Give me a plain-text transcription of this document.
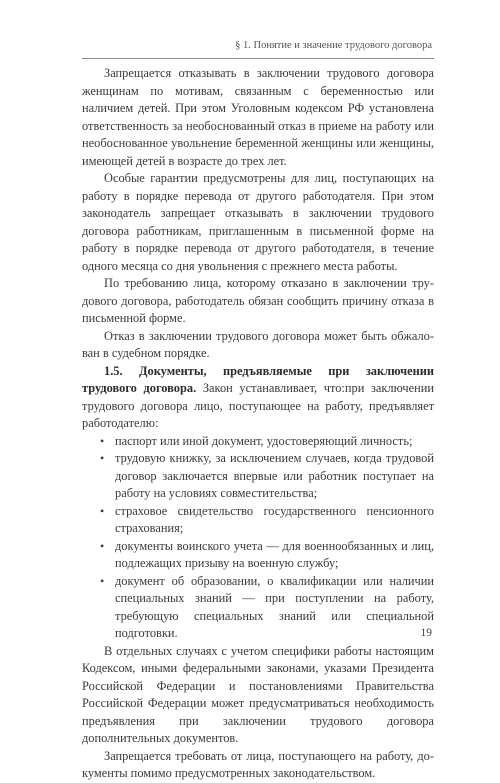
§ 1. Понятие и значение трудового договора

Запрещается отказывать в заключении трудового договора женщинам по мотивам, связанным с беременностью или наличием детей. При этом Уголовным кодексом РФ установлена ответственность за необоснованный отказ в приеме на работу или необоснованное увольнение беременной женщины или женщины, имеющей детей в возрасте до трех лет.

Особые гарантии предусмотрены для лиц, поступающих на работу в порядке перевода от другого работодателя. При этом законодатель запрещает отказывать в заключении трудового договора работникам, приглашенным в письменной форме на работу в порядке перевода от другого работодателя, в течение одного месяца со дня увольнения с прежнего места работы.

По требованию лица, которому отказано в заключении трудового договора, работодатель обязан сообщить причину отказа в письменной форме.

Отказ в заключении трудового договора может быть обжалoван в судебном порядке.

1.5. Документы, предъявляемые при заключении трудового договора. Закон устанавливает, что:при заключении трудового договора лицо, поступающее на работу, предъявляет работодателю:

• паспорт или иной документ, удостоверяющий личность;
• трудовую книжку, за исключением случаев, когда трудовой договор заключается впервые или работник поступает на работу на условиях совместительства;
• страховое свидетельство государственного пенсионного страхования;
• документы воинского учета — для военнообязанных и лиц, подлежащих призыву на военную службу;
• документ об образовании, о квалификации или наличии специальных знаний — при поступлении на работу, требующую специальных знаний или специальной подготовки.

В отдельных случаях с учетом специфики работы настоящим Кодексом, иными федеральными законами, указами Президента Российской Федерации и постановлениями Правительства Российской Федерации может предусматриваться необходимость предъявления при заключении трудового договора дополнительных документов.

Запрещается требовать от лица, поступающего на работу, документы помимо предусмотренных законодательством.

19
